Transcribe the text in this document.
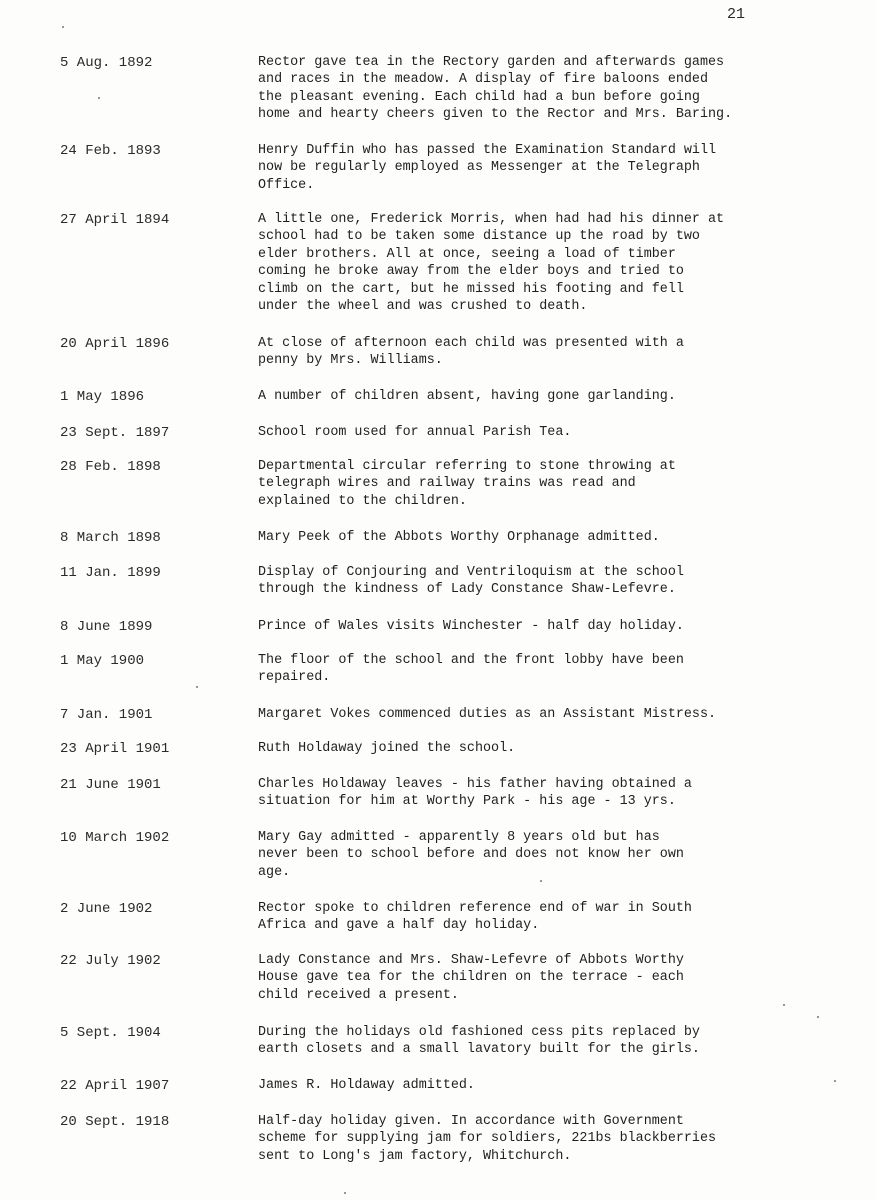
21
5 Aug. 1892	Rector gave tea in the Rectory garden and afterwards games
and races in the meadow. A display of fire baloons ended
the pleasant evening. Each child had a bun before going
home and hearty cheers given to the Rector and Mrs. Baring.
24 Feb. 1893	Henry Duffin who has passed the Examination Standard will
now be regularly employed as Messenger at the Telegraph
Office.
27 April 1894	A little one, Frederick Morris, when had had his dinner at
school had to be taken some distance up the road by two
elder brothers. All at once, seeing a load of timber
coming he broke away from the elder boys and tried to
climb on the cart, but he missed his footing and fell
under the wheel and was crushed to death.
20 April 1896	At close of afternoon each child was presented with a
penny by Mrs. Williams.
1 May 1896	A number of children absent, having gone garlanding.
23 Sept. 1897	School room used for annual Parish Tea.
28 Feb. 1898	Departmental circular referring to stone throwing at
telegraph wires and railway trains was read and
explained to the children.
8 March 1898	Mary Peek of the Abbots Worthy Orphanage admitted.
11 Jan. 1899	Display of Conjouring and Ventriloquism at the school
through the kindness of Lady Constance Shaw-Lefevre.
8 June 1899	Prince of Wales visits Winchester - half day holiday.
1 May 1900	The floor of the school and the front lobby have been
repaired.
7 Jan. 1901	Margaret Vokes commenced duties as an Assistant Mistress.
23 April 1901	Ruth Holdaway joined the school.
21 June 1901	Charles Holdaway leaves - his father having obtained a
situation for him at Worthy Park - his age - 13 yrs.
10 March 1902	Mary Gay admitted - apparently 8 years old but has
never been to school before and does not know her own
age.
2 June 1902	Rector spoke to children reference end of war in South
Africa and gave a half day holiday.
22 July 1902	Lady Constance and Mrs. Shaw-Lefevre of Abbots Worthy
House gave tea for the children on the terrace - each
child received a present.
5 Sept. 1904	During the holidays old fashioned cess pits replaced by
earth closets and a small lavatory built for the girls.
22 April 1907	James R. Holdaway admitted.
20 Sept. 1918	Half-day holiday given. In accordance with Government
scheme for supplying jam for soldiers, 221bs blackberries
sent to Long's jam factory, Whitchurch.
